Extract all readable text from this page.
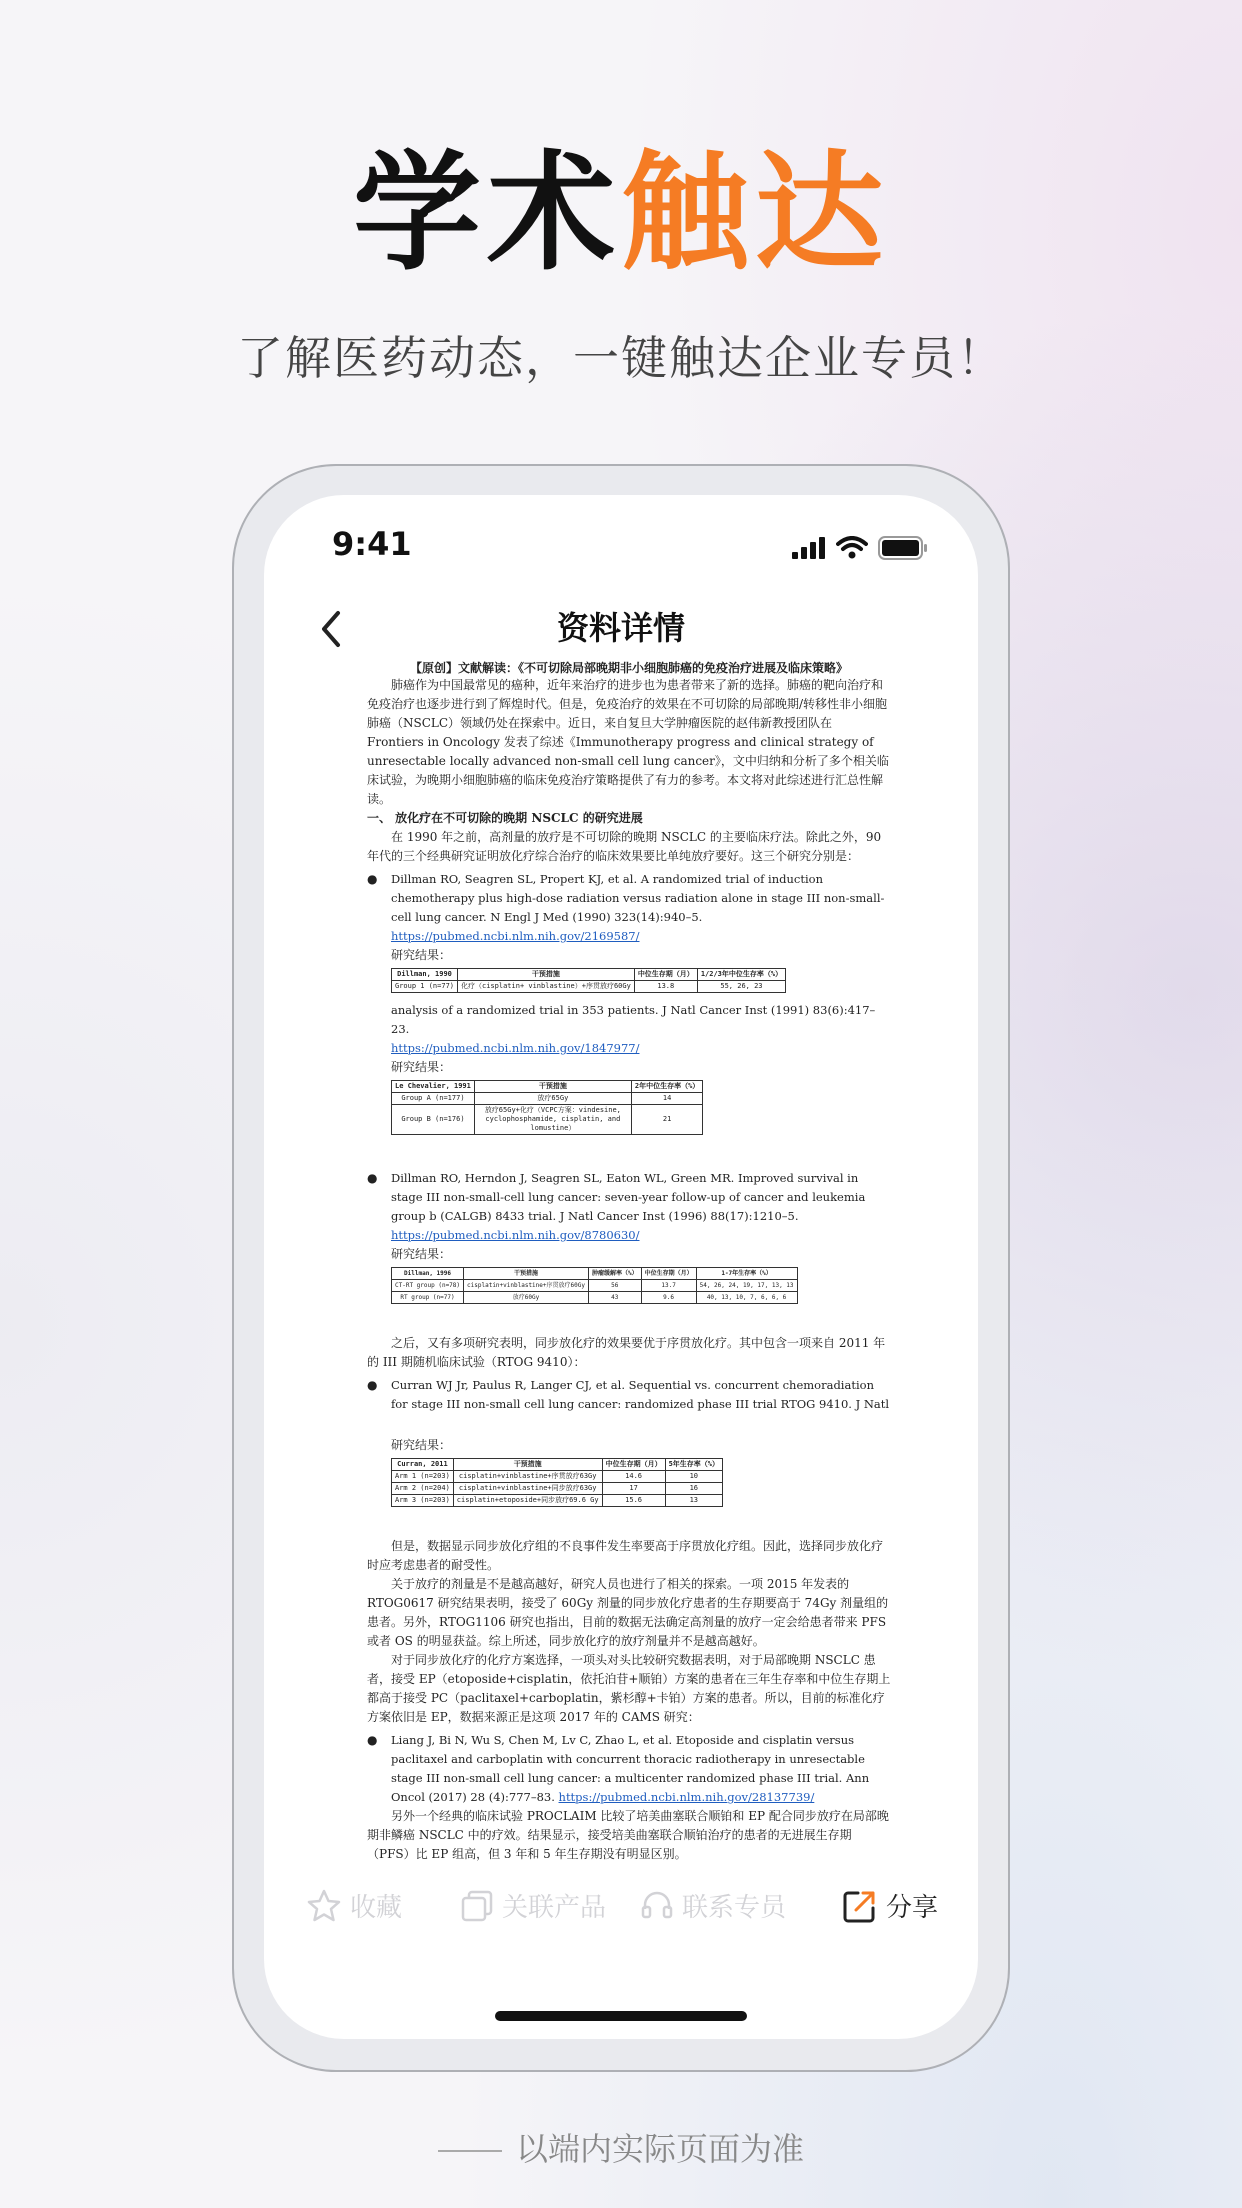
学术触达
了解医药动态，一键触达企业专员！
9:41
资料详情

【原创】文献解读：《不可切除局部晚期非小细胞肺癌的免疫治疗进展及临床策略》

肺癌作为中国最常见的癌种，近年来治疗的进步也为患者带来了新的选择。肺癌的靶向治疗和免疫治疗也逐步进行到了辉煌时代。但是，免疫治疗的效果在不可切除的局部晚期/转移性非小细胞肺癌（NSCLC）领域仍处在探索中。近日，来自复旦大学肿瘤医院的赵伟新教授团队在 Frontiers in Oncology 发表了综述《Immunotherapy progress and clinical strategy of unresectable locally advanced non-small cell lung cancer》，文中归纳和分析了多个相关临床试验，为晚期小细胞肺癌的临床免疫治疗策略提供了有力的参考。本文将对此综述进行汇总性解读。

一、 放化疗在不可切除的晚期 NSCLC 的研究进展

在 1990 年之前，高剂量的放疗是不可切除的晚期 NSCLC 的主要临床疗法。除此之外，90 年代的三个经典研究证明放化疗综合治疗的临床效果要比单纯放疗要好。这三个研究分别是：

●	Dillman RO, Seagren SL, Propert KJ, et al. A randomized trial of induction chemotherapy plus high-dose radiation versus radiation alone in stage III non-small-cell lung cancer. N Engl J Med (1990) 323(14):940–5. https://pubmed.ncbi.nlm.nih.gov/2169587/

研究结果：

Dillman, 1990	干预措施	中位生存期（月）	1/2/3年中位生存率（%）
Group 1 (n=77)	化疗（cisplatin+ vinblastine）+序贯放疗60Gy	13.8	55, 26, 23

analysis of a randomized trial in 353 patients. J Natl Cancer Inst (1991) 83(6):417–23.
https://pubmed.ncbi.nlm.nih.gov/1847977/

研究结果：

Le Chevalier, 1991	干预措施	2年中位生存率（%）
Group A (n=177)	放疗65Gy	14
Group B (n=176)	放疗65Gy+化疗（VCPC方案：vindesine, cyclophosphamide, cisplatin, and lomustine）	21
●	Dillman RO, Herndon J, Seagren SL, Eaton WL, Green MR. Improved survival in stage III non-small-cell lung cancer: seven-year follow-up of cancer and leukemia group b (CALGB) 8433 trial. J Natl Cancer Inst (1996) 88(17):1210–5.
https://pubmed.ncbi.nlm.nih.gov/8780630/

研究结果：

Dillman, 1996	干预措施	肿瘤缓解率（%）	中位生存期（月）	1-7年生存率（%）
CT-RT group (n=78)	cisplatin+vinblastine+序贯放疗60Gy	56	13.7	54, 26, 24, 19, 17, 13, 13
RT group (n=77)	放疗60Gy	43	9.6	40, 13, 10, 7, 6, 6, 6

之后，又有多项研究表明，同步放化疗的效果要优于序贯放化疗。其中包含一项来自 2011 年的 III 期随机临床试验（RTOG 9410）：

●	Curran WJ Jr, Paulus R, Langer CJ, et al. Sequential vs. concurrent chemoradiation for stage III non-small cell lung cancer: randomized phase III trial RTOG 9410. J Natl

研究结果：

Curran, 2011	干预措施	中位生存期（月）	5年生存率（%）
Arm 1 (n=203)	cisplatin+vinblastine+序贯放疗63Gy	14.6	10
Arm 2 (n=204)	cisplatin+vinblastine+同步放疗63Gy	17	16
Arm 3 (n=203)	cisplatin+etoposide+同步放疗69.6 Gy	15.6	13

但是，数据显示同步放化疗组的不良事件发生率要高于序贯放化疗组。因此，选择同步放化疗时应考虑患者的耐受性。

关于放疗的剂量是不是越高越好，研究人员也进行了相关的探索。一项 2015 年发表的 RTOG0617 研究结果表明，接受了 60Gy 剂量的同步放化疗患者的生存期要高于 74Gy 剂量组的患者。另外，RTOG1106 研究也指出，目前的数据无法确定高剂量的放疗一定会给患者带来 PFS 或者 OS 的明显获益。综上所述，同步放化疗的放疗剂量并不是越高越好。

对于同步放化疗的化疗方案选择，一项头对头比较研究数据表明，对于局部晚期 NSCLC 患者，接受 EP（etoposide+cisplatin，依托泊苷+顺铂）方案的患者在三年生存率和中位生存期上都高于接受 PC（paclitaxel+carboplatin，紫杉醇+卡铂）方案的患者。所以，目前的标准化疗方案依旧是 EP，数据来源正是这项 2017 年的 CAMS 研究：

●	Liang J, Bi N, Wu S, Chen M, Lv C, Zhao L, et al. Etoposide and cisplatin versus paclitaxel and carboplatin with concurrent thoracic radiotherapy in unresectable stage III non-small cell lung cancer: a multicenter randomized phase III trial. Ann Oncol (2017) 28 (4):777–83. https://pubmed.ncbi.nlm.nih.gov/28137739/

另外一个经典的临床试验 PROCLAIM 比较了培美曲塞联合顺铂和 EP 配合同步放疗在局部晚期非鳞癌 NSCLC 中的疗效。结果显示，接受培美曲塞联合顺铂治疗的患者的无进展生存期（PFS）比 EP 组高，但 3 年和 5 年生存期没有明显区别。

收藏	关联产品	联系专员	分享
以端内实际页面为准
